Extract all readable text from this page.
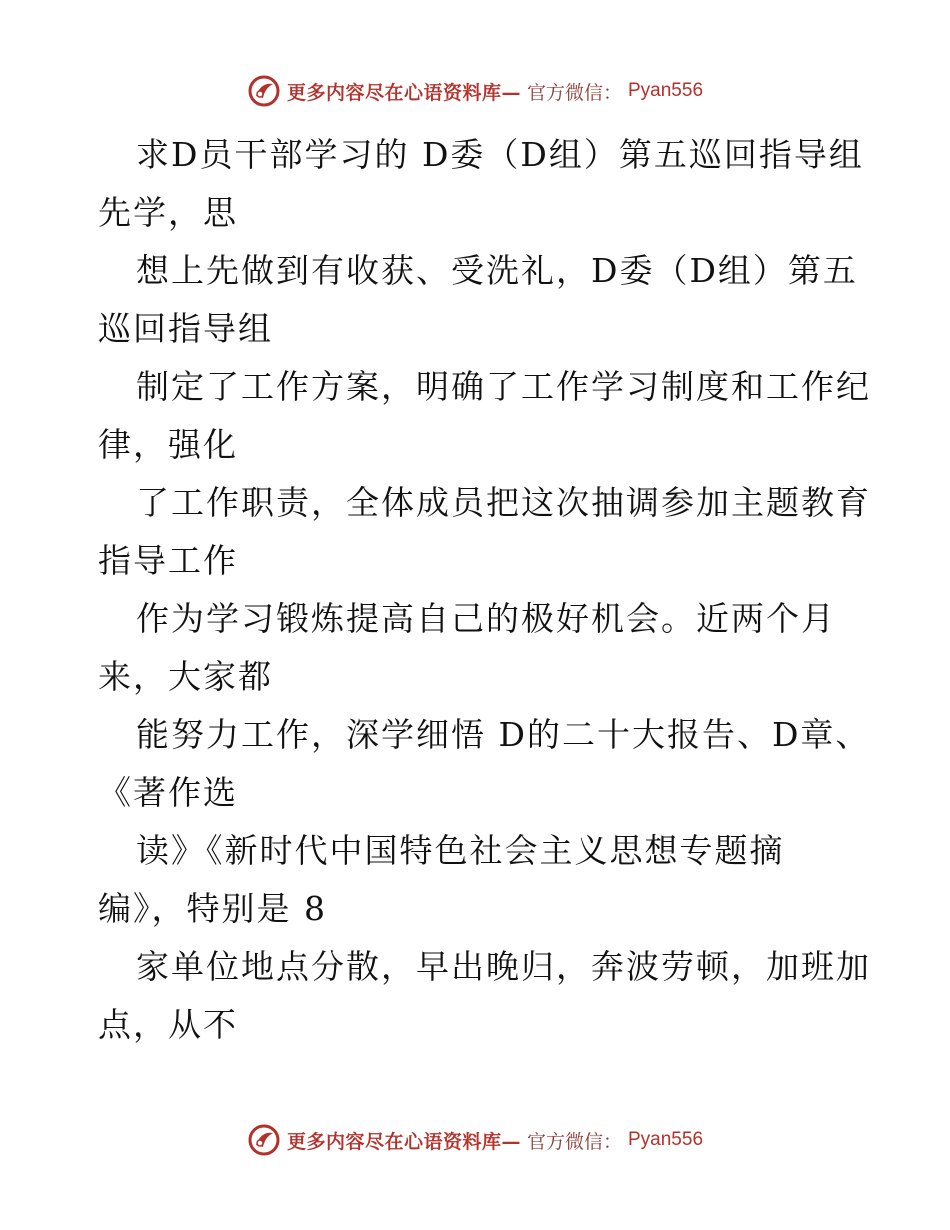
更多内容尽在心语资料库— 官方微信： Pyan556
求D员干部学习的 D委（D组）第五巡回指导组
先学，思
想上先做到有收获、受洗礼，D委（D组）第五
巡回指导组
制定了工作方案，明确了工作学习制度和工作纪
律，强化
了工作职责，全体成员把这次抽调参加主题教育
指导工作
作为学习锻炼提高自己的极好机会。近两个月
来，大家都
能努力工作，深学细悟 D的二十大报告、D章、
《著作选
读》《新时代中国特色社会主义思想专题摘
编》，特别是 8
家单位地点分散，早出晚归，奔波劳顿，加班加
点，从不
更多内容尽在心语资料库— 官方微信： Pyan556
